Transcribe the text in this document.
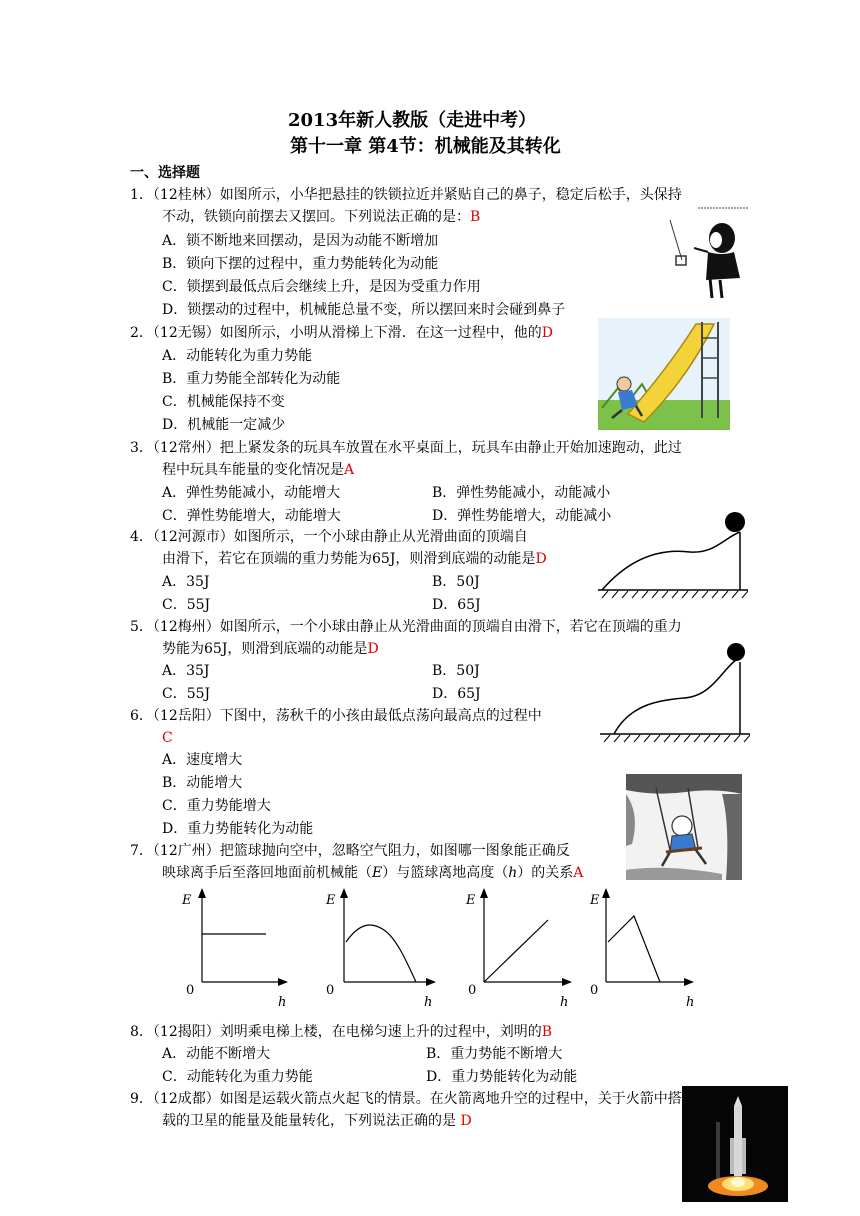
2013年新人教版（走进中考）
第十一章 第4节：机械能及其转化
一、选择题
1．（12桂林）如图所示，小华把悬挂的铁锁拉近并紧贴自己的鼻子，稳定后松手，头保持
不动，铁锁向前摆去又摆回。下列说法正确的是：B
A．锁不断地来回摆动，是因为动能不断增加
B．锁向下摆的过程中，重力势能转化为动能
C．锁摆到最低点后会继续上升，是因为受重力作用
D．锁摆动的过程中，机械能总量不变，所以摆回来时会碰到鼻子
2．（12无锡）如图所示，小明从滑梯上下滑．在这一过程中，他的D
A．动能转化为重力势能
B．重力势能全部转化为动能
C．机械能保持不变
D．机械能一定减少
3．（12常州）把上紧发条的玩具车放置在水平桌面上，玩具车由静止开始加速跑动，此过
程中玩具车能量的变化情况是A
A．弹性势能减小，动能增大	B．弹性势能减小，动能减小
C．弹性势能增大，动能增大	D．弹性势能增大，动能减小
4．（12河源市）如图所示，一个小球由静止从光滑曲面的顶端自
由滑下，若它在顶端的重力势能为65J，则滑到底端的动能是D
A．35J	B．50J
C．55J	D．65J
5．（12梅州）如图所示，一个小球由静止从光滑曲面的顶端自由滑下，若它在顶端的重力
势能为65J，则滑到底端的动能是D
A．35J	B．50J
C．55J	D．65J
6．（12岳阳）下图中，荡秋千的小孩由最低点荡向最高点的过程中
C
A．速度增大
B．动能增大
C．重力势能增大
D．重力势能转化为动能
7．（12广州）把篮球抛向空中，忽略空气阻力，如图哪一图象能正确反
映球离手后至落回地面前机械能（E）与篮球离地高度（h）的关系A
E
0
h
E
0
h
E
0
h
E
0
h
8．（12揭阳）刘明乘电梯上楼，在电梯匀速上升的过程中，刘明的B
A．动能不断增大	B．重力势能不断增大
C．动能转化为重力势能	D．重力势能转化为动能
9．（12成都）如图是运载火箭点火起飞的情景。在火箭离地升空的过程中，关于火箭中搭
载的卫星的能量及能量转化，下列说法正确的是 D
